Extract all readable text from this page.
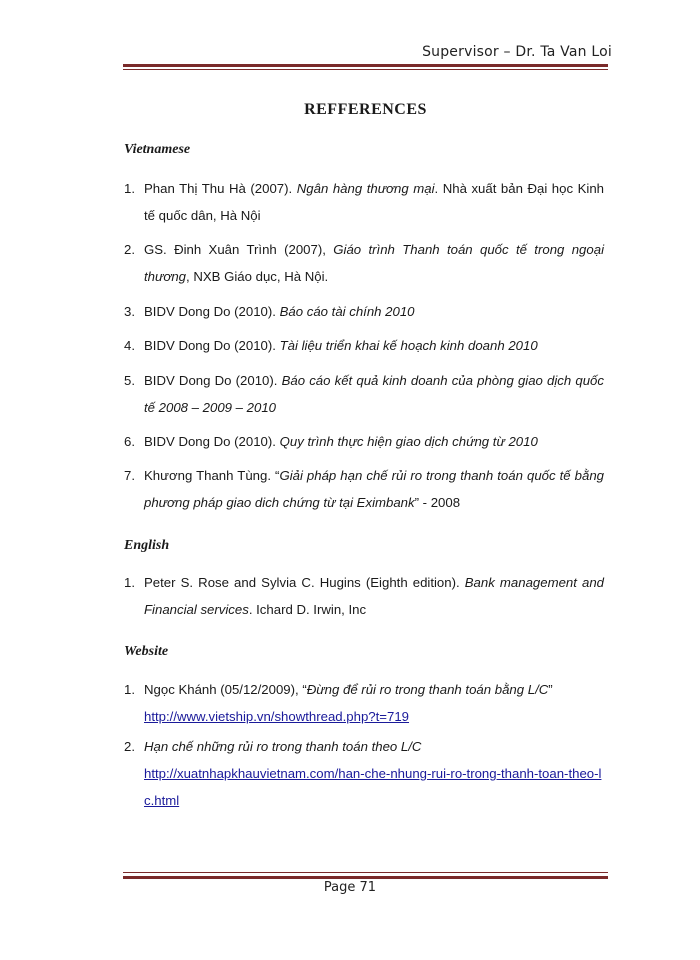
Supervisor – Dr. Ta Van Loi
REFFERENCES
Vietnamese
1. Phan Thị Thu Hà (2007). Ngân hàng thương mại. Nhà xuất bản Đại học Kinh tế quốc dân, Hà Nội
2. GS. Đinh Xuân Trình (2007), Giáo trình Thanh toán quốc tế trong ngoại thương, NXB Giáo dục, Hà Nội.
3. BIDV Dong Do (2010). Báo cáo tài chính 2010
4. BIDV Dong Do (2010). Tài liệu triển khai kế hoạch kinh doanh 2010
5. BIDV Dong Do (2010). Báo cáo kết quả kinh doanh của phòng giao dịch quốc tế 2008 – 2009 – 2010
6. BIDV Dong Do (2010). Quy trình thực hiện giao dịch chứng từ 2010
7. Khương Thanh Tùng. “Giải pháp hạn chế rủi ro trong thanh toán quốc tế bằng phương pháp giao dich chứng từ tại Eximbank” - 2008
English
1. Peter S. Rose and Sylvia C. Hugins (Eighth edition). Bank management and Financial services. Ichard D. Irwin, Inc
Website
1. Ngọc Khánh (05/12/2009), “Đừng để rủi ro trong thanh toán bằng L/C”
http://www.vietship.vn/showthread.php?t=719
2. Hạn chế những rủi ro trong thanh toán theo L/C
http://xuatnhapkhauvietnam.com/han-che-nhung-rui-ro-trong-thanh-toan-theo-lc.html
Page 71
